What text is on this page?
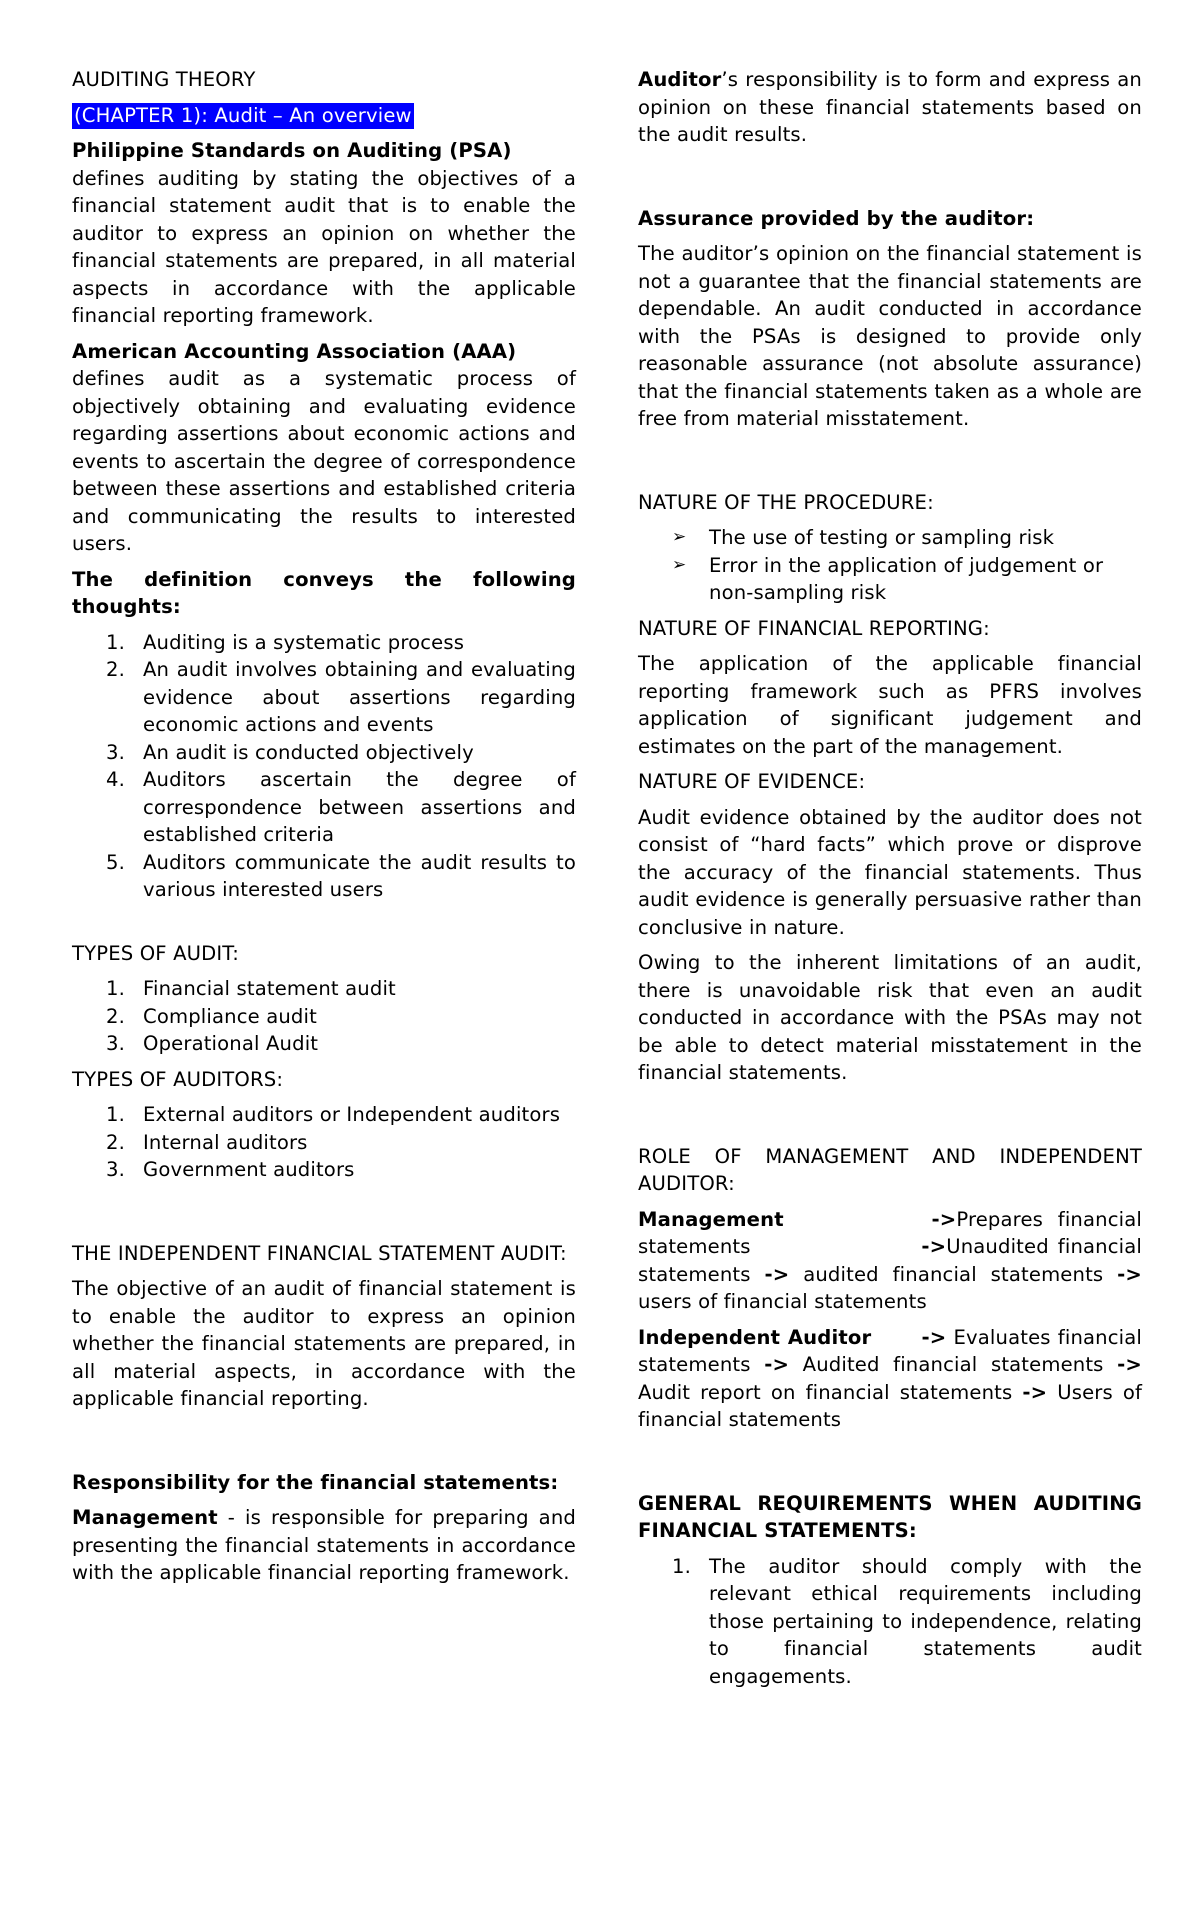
AUDITING THEORY

(CHAPTER 1): Audit – An overview

Philippine Standards on Auditing (PSA)
defines auditing by stating the objectives of a financial statement audit that is to enable the auditor to express an opinion on whether the financial statements are prepared, in all material aspects in accordance with the applicable financial reporting framework.

American Accounting Association (AAA)
defines audit as a systematic process of objectively obtaining and evaluating evidence regarding assertions about economic actions and events to ascertain the degree of correspondence between these assertions and established criteria and communicating the results to interested users.

The definition conveys the following thoughts:

1. Auditing is a systematic process
2. An audit involves obtaining and evaluating evidence about assertions regarding economic actions and events
3. An audit is conducted objectively
4. Auditors ascertain the degree of correspondence between assertions and established criteria
5. Auditors communicate the audit results to various interested users

TYPES OF AUDIT:

1. Financial statement audit
2. Compliance audit
3. Operational Audit

TYPES OF AUDITORS:

1. External auditors or Independent auditors
2. Internal auditors
3. Government auditors

THE INDEPENDENT FINANCIAL STATEMENT AUDIT:

The objective of an audit of financial statement is to enable the auditor to express an opinion whether the financial statements are prepared, in all material aspects, in accordance with the applicable financial reporting.

Responsibility for the financial statements:

Management - is responsible for preparing and presenting the financial statements in accordance with the applicable financial reporting framework.

Auditor’s responsibility is to form and express an opinion on these financial statements based on the audit results.

Assurance provided by the auditor:

The auditor’s opinion on the financial statement is not a guarantee that the financial statements are dependable. An audit conducted in accordance with the PSAs is designed to provide only reasonable assurance (not absolute assurance) that the financial statements taken as a whole are free from material misstatement.

NATURE OF THE PROCEDURE:

➢ The use of testing or sampling risk
➢ Error in the application of judgement or non-sampling risk

NATURE OF FINANCIAL REPORTING:

The application of the applicable financial reporting framework such as PFRS involves application of significant judgement and estimates on the part of the management.

NATURE OF EVIDENCE:

Audit evidence obtained by the auditor does not consist of “hard facts” which prove or disprove the accuracy of the financial statements. Thus audit evidence is generally persuasive rather than conclusive in nature.

Owing to the inherent limitations of an audit, there is unavoidable risk that even an audit conducted in accordance with the PSAs may not be able to detect material misstatement in the financial statements.

ROLE OF MANAGEMENT AND INDEPENDENT AUDITOR:

Management	->Prepares financial statements	->Unaudited financial statements -> audited financial statements -> users of financial statements

Independent Auditor	-> Evaluates financial statements -> Audited financial statements -> Audit report on financial statements -> Users of financial statements

GENERAL REQUIREMENTS WHEN AUDITING FINANCIAL STATEMENTS:

1. The auditor should comply with the relevant ethical requirements including those pertaining to independence, relating to financial statements audit engagements.
